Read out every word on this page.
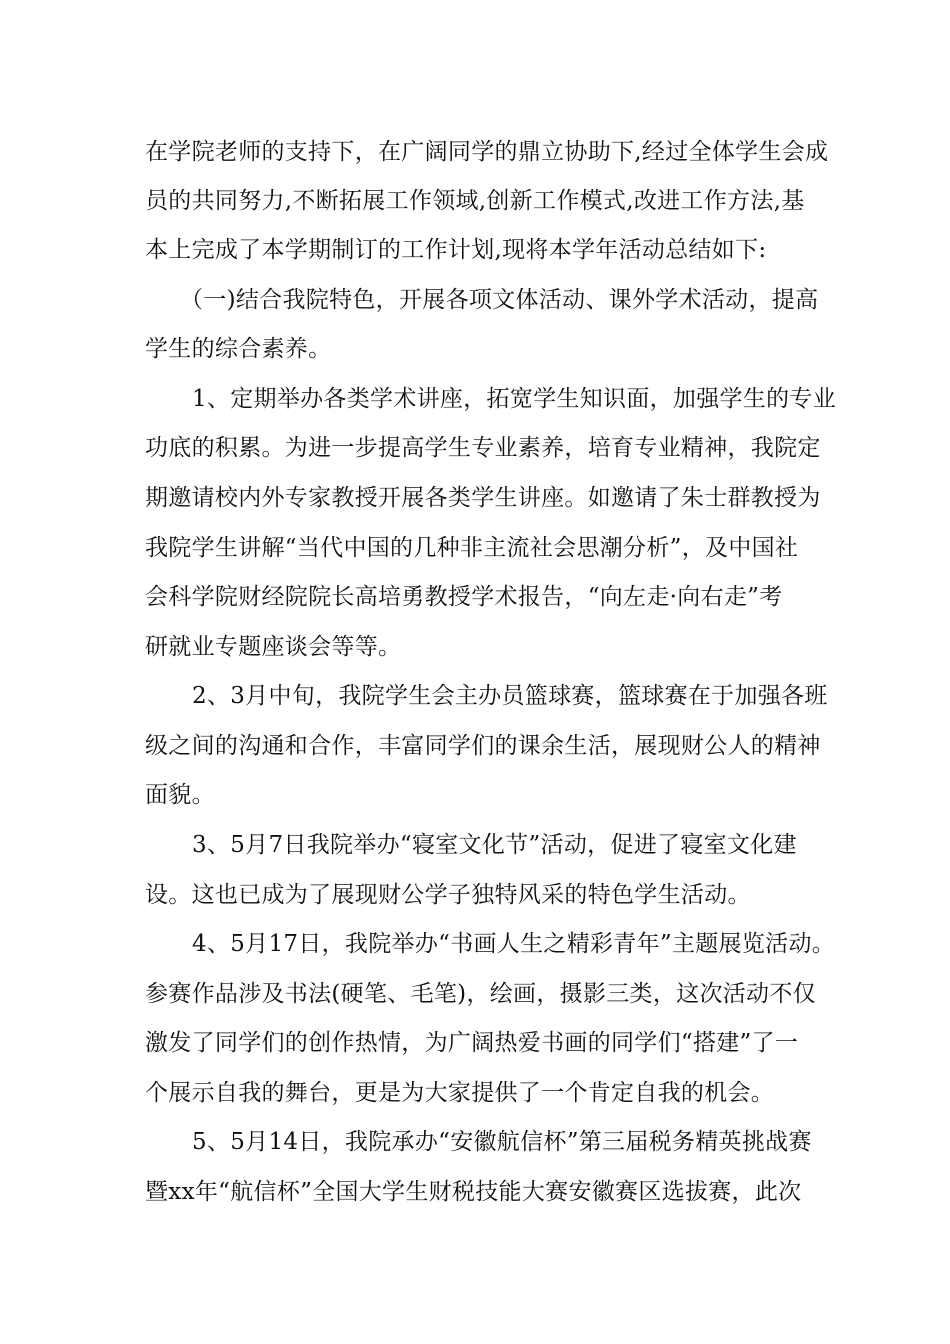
在学院老师的支持下，在广阔同学的鼎立协助下,经过全体学生会成
员的共同努力,不断拓展工作领域,创新工作模式,改进工作方法,基
本上完成了本学期制订的工作计划,现将本学年活动总结如下:
（一)结合我院特色，开展各项文体活动、课外学术活动，提高
学生的综合素养。
1、定期举办各类学术讲座，拓宽学生知识面，加强学生的专业
功底的积累。为进一步提高学生专业素养，培育专业精神，我院定
期邀请校内外专家教授开展各类学生讲座。如邀请了朱士群教授为
我院学生讲解“当代中国的几种非主流社会思潮分析”，及中国社
会科学院财经院院长高培勇教授学术报告，“向左走·向右走”考
研就业专题座谈会等等。
2、3月中旬，我院学生会主办员篮球赛，篮球赛在于加强各班
级之间的沟通和合作，丰富同学们的课余生活，展现财公人的精神
面貌。
3、5月7日我院举办“寝室文化节”活动，促进了寝室文化建
设。这也已成为了展现财公学子独特风采的特色学生活动。
4、5月17日，我院举办“书画人生之精彩青年”主题展览活动。
参赛作品涉及书法(硬笔、毛笔)，绘画，摄影三类，这次活动不仅
激发了同学们的创作热情，为广阔热爱书画的同学们“搭建”了一
个展示自我的舞台，更是为大家提供了一个肯定自我的机会。
5、5月14日，我院承办“安徽航信杯”第三届税务精英挑战赛
暨xx年“航信杯”全国大学生财税技能大赛安徽赛区选拔赛，此次
